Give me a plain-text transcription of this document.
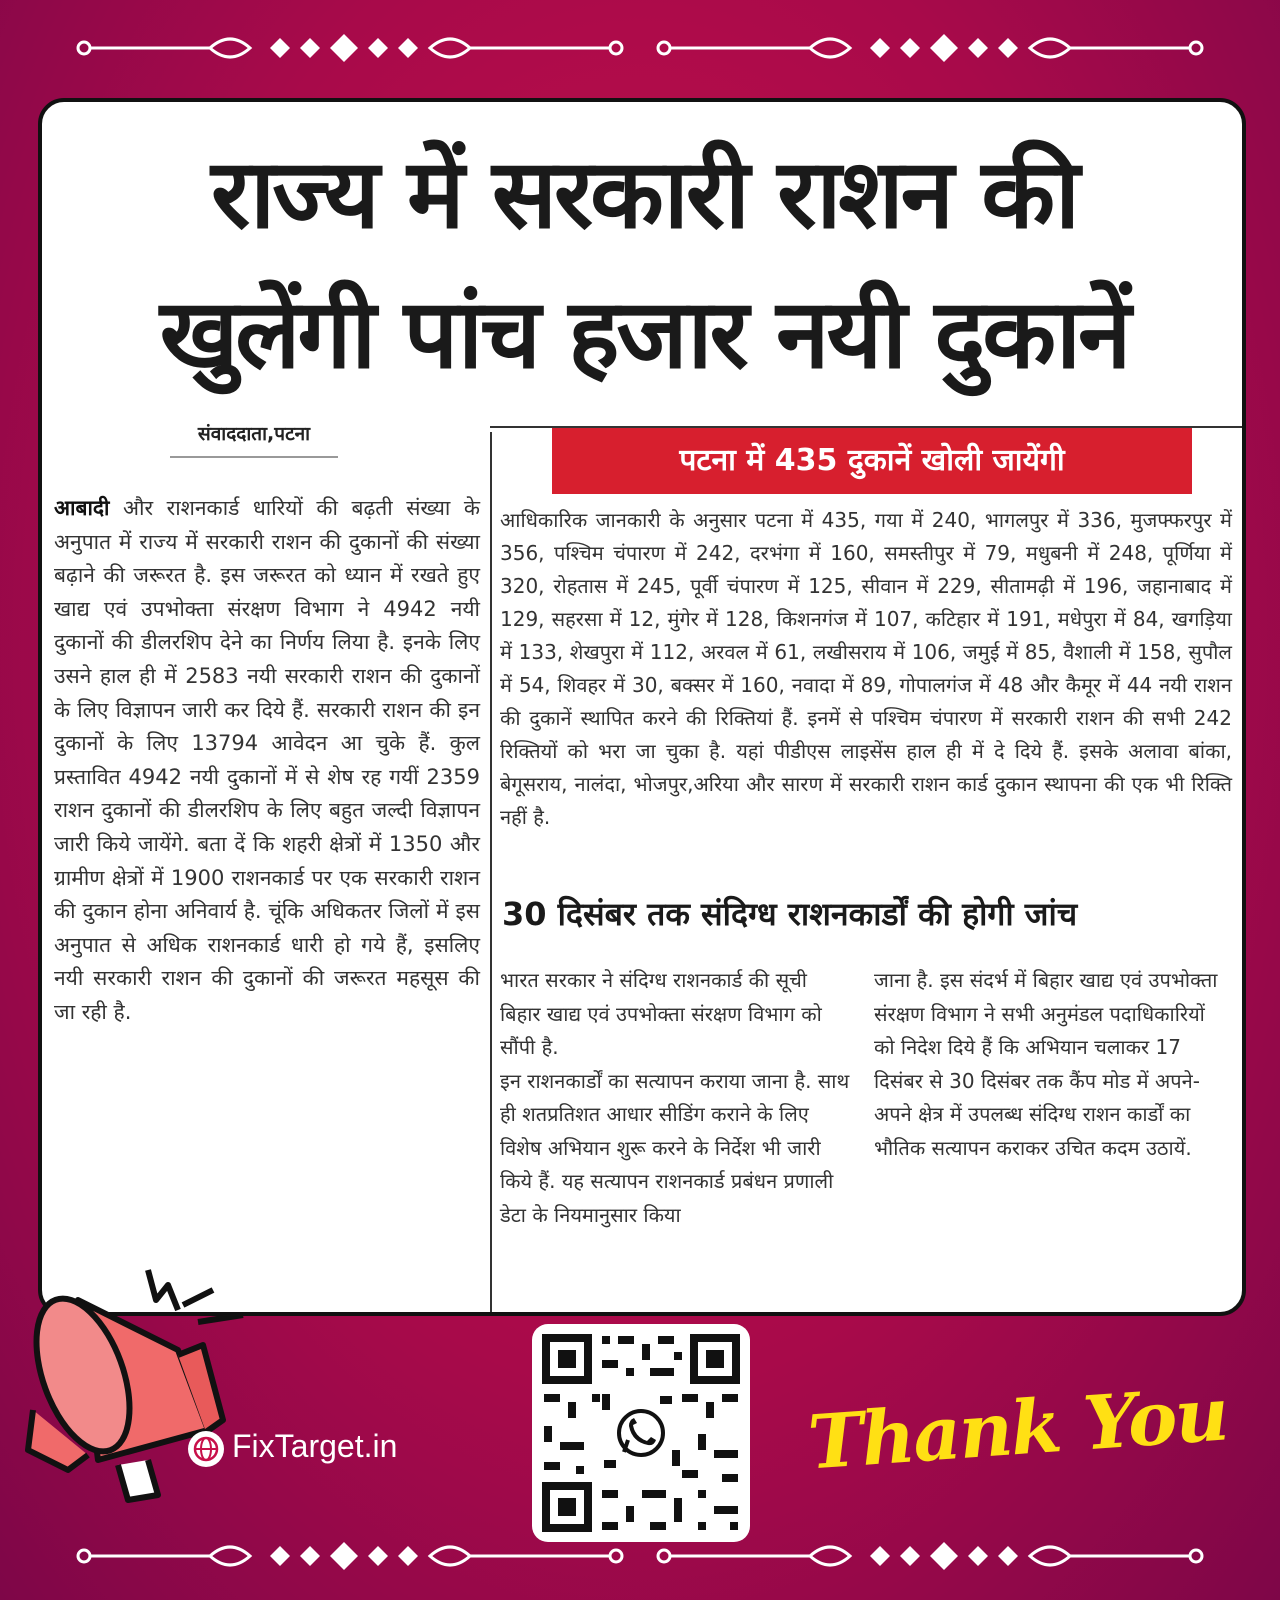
राज्य में सरकारी राशन की
खुलेंगी पांच हजार नयी दुकानें
संवाददाता,पटना
आबादी और राशनकार्ड धारियों की बढ़ती संख्या के अनुपात में राज्य में सरकारी राशन की दुकानों की संख्या बढ़ाने की जरूरत है. इस जरूरत को ध्यान में रखते हुए खाद्य एवं उपभोक्ता संरक्षण विभाग ने 4942 नयी दुकानों की डीलरशिप देने का निर्णय लिया है. इनके लिए उसने हाल ही में 2583 नयी सरकारी राशन की दुकानों के लिए विज्ञापन जारी कर दिये हैं. सरकारी राशन की इन दुकानों के लिए 13794 आवेदन आ चुके हैं. कुल प्रस्तावित 4942 नयी दुकानों में से शेष रह गयीं 2359 राशन दुकानों की डीलरशिप के लिए बहुत जल्दी विज्ञापन जारी किये जायेंगे. बता दें कि शहरी क्षेत्रों में 1350 और ग्रामीण क्षेत्रों में 1900 राशनकार्ड पर एक सरकारी राशन की दुकान होना अनिवार्य है. चूंकि अधिकतर जिलों में इस अनुपात से अधिक राशनकार्ड धारी हो गये हैं, इसलिए नयी सरकारी राशन की दुकानों की जरूरत महसूस की जा रही है.
पटना में 435 दुकानें खोली जायेंगी
आधिकारिक जानकारी के अनुसार पटना में 435, गया में 240, भागलपुर में 336, मुजफ्फरपुर में 356, पश्चिम चंपारण में 242, दरभंगा में 160, समस्तीपुर में 79, मधुबनी में 248, पूर्णिया में 320, रोहतास में 245, पूर्वी चंपारण में 125, सीवान में 229, सीतामढ़ी में 196, जहानाबाद में 129, सहरसा में 12, मुंगेर में 128, किशनगंज में 107, कटिहार में 191, मधेपुरा में 84, खगड़िया में 133, शेखपुरा में 112, अरवल में 61, लखीसराय में 106, जमुई में 85, वैशाली में 158, सुपौल में 54, शिवहर में 30, बक्सर में 160, नवादा में 89, गोपालगंज में 48 और कैमूर में 44 नयी राशन की दुकानें स्थापित करने की रिक्तियां हैं. इनमें से पश्चिम चंपारण में सरकारी राशन की सभी 242 रिक्तियों को भरा जा चुका है. यहां पीडीएस लाइसेंस हाल ही में दे दिये हैं. इसके अलावा बांका, बेगूसराय, नालंदा, भोजपुर,अरिया और सारण में सरकारी राशन कार्ड दुकान स्थापना की एक भी रिक्ति नहीं है.
30 दिसंबर तक संदिग्ध राशनकार्डों की होगी जांच
भारत सरकार ने संदिग्ध राशनकार्ड की सूची बिहार खाद्य एवं उपभोक्ता संरक्षण विभाग को सौंपी है.
इन राशनकार्डों का सत्यापन कराया जाना है. साथ ही शतप्रतिशत आधार सीडिंग कराने के लिए विशेष अभियान शुरू करने के निर्देश भी जारी किये हैं. यह सत्यापन राशनकार्ड प्रबंधन प्रणाली डेटा के नियमानुसार किया
जाना है. इस संदर्भ में बिहार खाद्य एवं उपभोक्ता संरक्षण विभाग ने सभी अनुमंडल पदाधिकारियों को निदेश दिये हैं कि अभियान चलाकर 17 दिसंबर से 30 दिसंबर तक कैंप मोड में अपने-अपने क्षेत्र में उपलब्ध संदिग्ध राशन कार्डों का भौतिक सत्यापन कराकर उचित कदम उठायें.
FixTarget.in	Thank You
